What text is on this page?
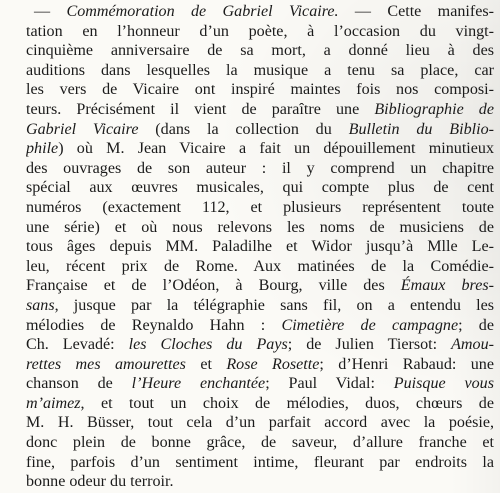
— Commémoration de Gabriel Vicaire. — Cette manifes-
tation en l’honneur d’un poète, à l’occasion du vingt-
cinquième anniversaire de sa mort, a donné lieu à des
auditions dans lesquelles la musique a tenu sa place, car
les vers de Vicaire ont inspiré maintes fois nos composi-
teurs. Précisément il vient de paraître une Bibliographie de
Gabriel Vicaire (dans la collection du Bulletin du Biblio-
phile) où M. Jean Vicaire a fait un dépouillement minutieux
des ouvrages de son auteur : il y comprend un chapitre
spécial aux œuvres musicales, qui compte plus de cent
numéros (exactement 112, et plusieurs représentent toute
une série) et où nous relevons les noms de musiciens de
tous âges depuis MM. Paladilhe et Widor jusqu’à Mlle Le-
leu, récent prix de Rome. Aux matinées de la Comédie-
Française et de l’Odéon, à Bourg, ville des Émaux bres-
sans, jusque par la télégraphie sans fil, on a entendu les
mélodies de Reynaldo Hahn : Cimetière de campagne; de
Ch. Levadé: les Cloches du Pays; de Julien Tiersot: Amou-
rettes mes amourettes et Rose Rosette; d’Henri Rabaud: une
chanson de l’Heure enchantée; Paul Vidal: Puisque vous
m’aimez, et tout un choix de mélodies, duos, chœurs de
M. H. Büsser, tout cela d’un parfait accord avec la poésie,
donc plein de bonne grâce, de saveur, d’allure franche et
fine, parfois d’un sentiment intime, fleurant par endroits la
bonne odeur du terroir.
